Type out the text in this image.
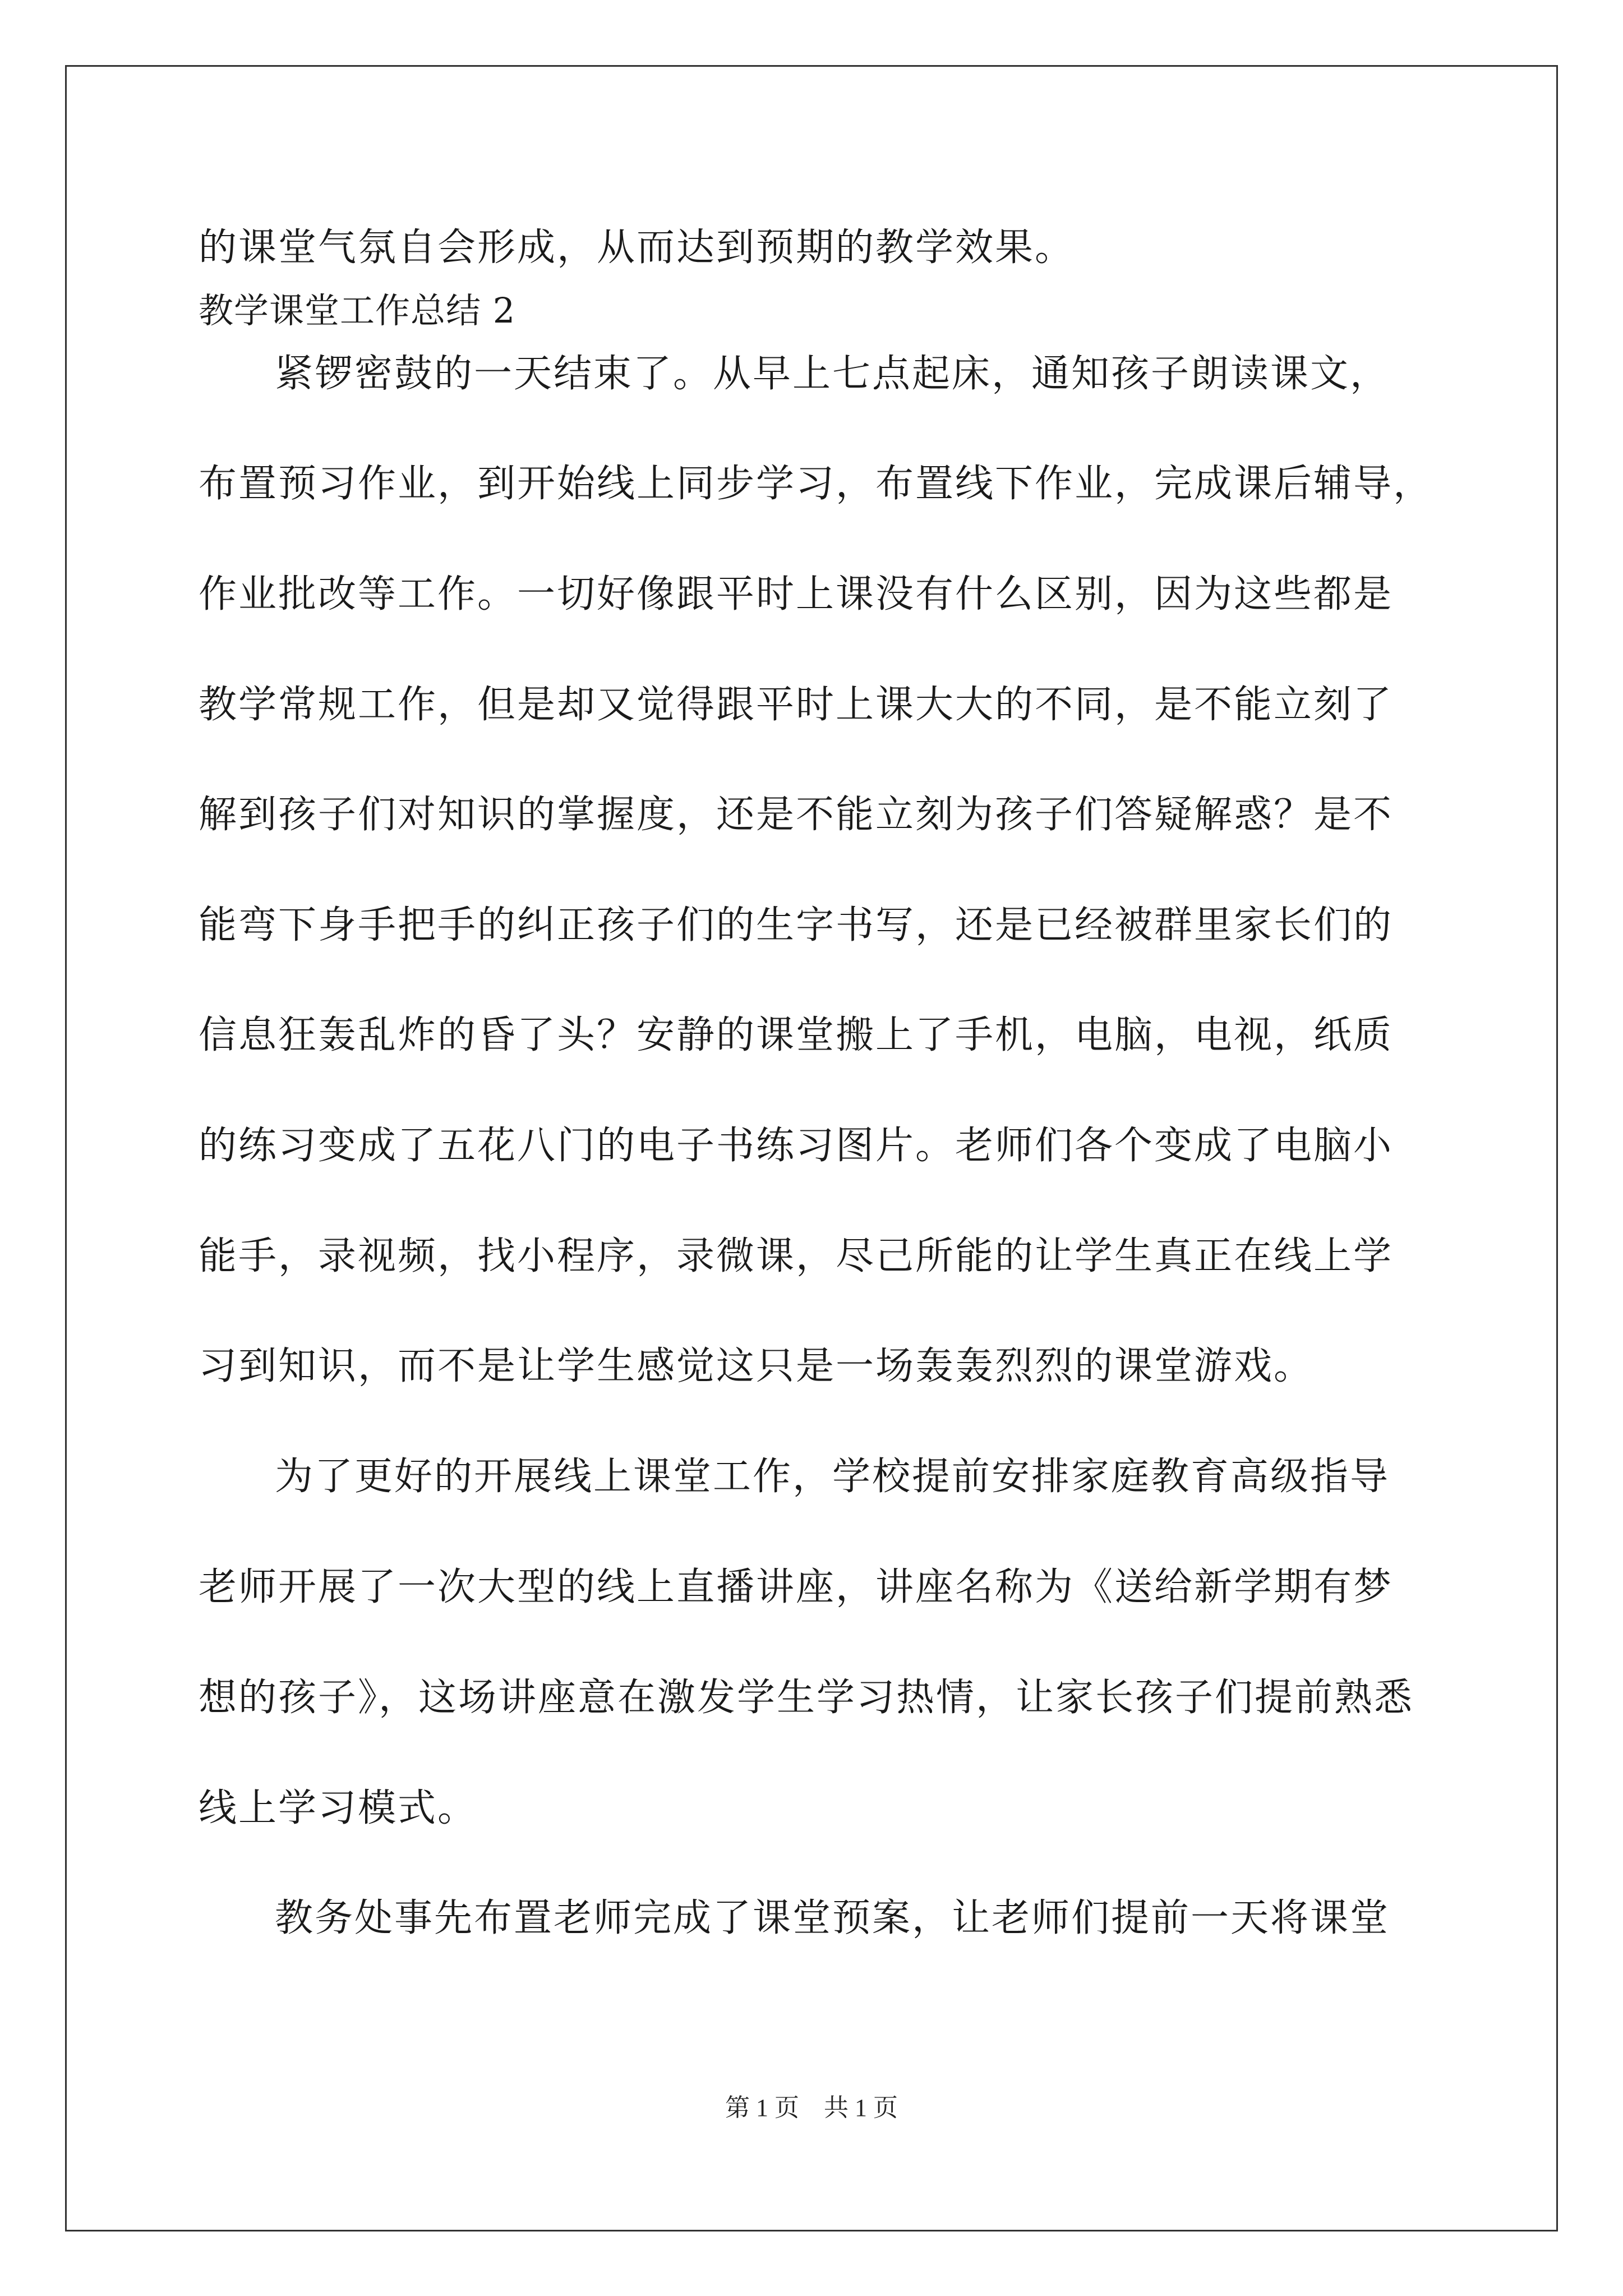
第 1 页　共 1 页
的课堂气氛自会形成，从而达到预期的教学效果。
教学课堂工作总结 2
紧锣密鼓的一天结束了。从早上七点起床，通知孩子朗读课文，
布置预习作业，到开始线上同步学习，布置线下作业，完成课后辅导，
作业批改等工作。一切好像跟平时上课没有什么区别，因为这些都是
教学常规工作，但是却又觉得跟平时上课大大的不同，是不能立刻了
解到孩子们对知识的掌握度，还是不能立刻为孩子们答疑解惑？是不
能弯下身手把手的纠正孩子们的生字书写，还是已经被群里家长们的
信息狂轰乱炸的昏了头？安静的课堂搬上了手机，电脑，电视，纸质
的练习变成了五花八门的电子书练习图片。老师们各个变成了电脑小
能手，录视频，找小程序，录微课，尽己所能的让学生真正在线上学
习到知识，而不是让学生感觉这只是一场轰轰烈烈的课堂游戏。
为了更好的开展线上课堂工作，学校提前安排家庭教育高级指导
老师开展了一次大型的线上直播讲座，讲座名称为《送给新学期有梦
想的孩子》，这场讲座意在激发学生学习热情，让家长孩子们提前熟悉
线上学习模式。
教务处事先布置老师完成了课堂预案，让老师们提前一天将课堂
